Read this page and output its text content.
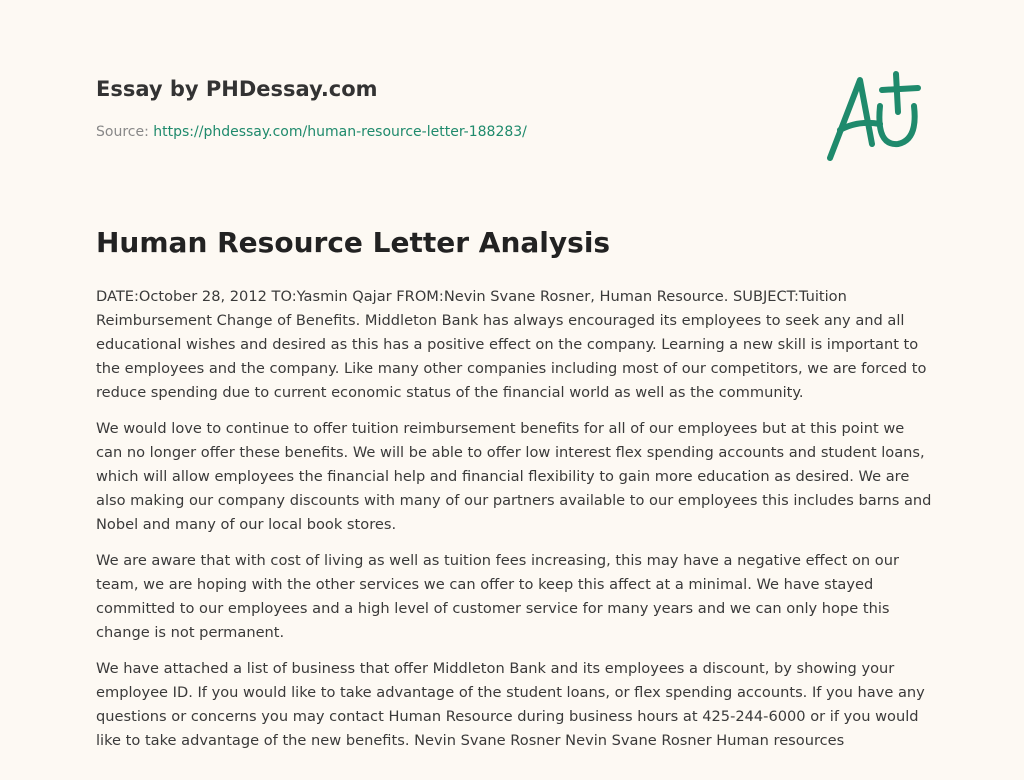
Essay by PHDessay.com
Source: https://phdessay.com/human-resource-letter-188283/
Human Resource Letter Analysis

DATE:October 28, 2012 TO:Yasmin Qajar FROM:Nevin Svane Rosner, Human Resource. SUBJECT:Tuition Reimbursement Change of Benefits. Middleton Bank has always encouraged its employees to seek any and all educational wishes and desired as this has a positive effect on the company. Learning a new skill is important to the employees and the company. Like many other companies including most of our competitors, we are forced to reduce spending due to current economic status of the financial world as well as the community.

We would love to continue to offer tuition reimbursement benefits for all of our employees but at this point we can no longer offer these benefits. We will be able to offer low interest flex spending accounts and student loans, which will allow employees the financial help and financial flexibility to gain more education as desired. We are also making our company discounts with many of our partners available to our employees this includes barns and Nobel and many of our local book stores.

We are aware that with cost of living as well as tuition fees increasing, this may have a negative effect on our team, we are hoping with the other services we can offer to keep this affect at a minimal. We have stayed committed to our employees and a high level of customer service for many years and we can only hope this change is not permanent.

We have attached a list of business that offer Middleton Bank and its employees a discount, by showing your employee ID. If you would like to take advantage of the student loans, or flex spending accounts. If you have any questions or concerns you may contact Human Resource during business hours at 425-244-6000 or if you would like to take advantage of the new benefits. Nevin Svane Rosner Nevin Svane Rosner Human resources
